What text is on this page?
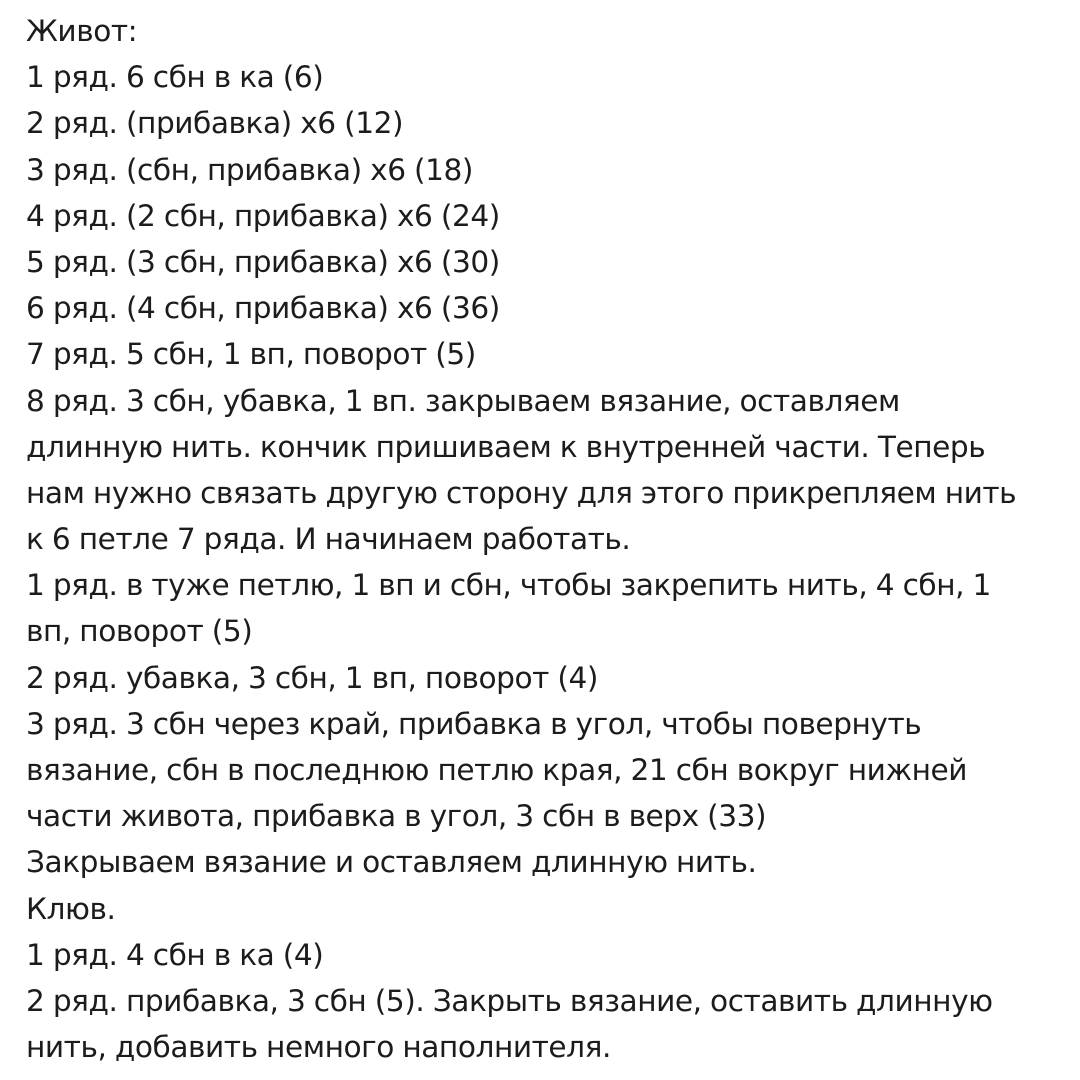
Живот:
1 ряд. 6 сбн в ка (6)
2 ряд. (прибавка) х6 (12)
3 ряд. (сбн, прибавка) х6 (18)
4 ряд. (2 сбн, прибавка) х6 (24)
5 ряд. (3 сбн, прибавка) х6 (30)
6 ряд. (4 сбн, прибавка) х6 (36)
7 ряд. 5 сбн, 1 вп, поворот (5)
8 ряд. 3 сбн, убавка, 1 вп. закрываем вязание, оставляем
длинную нить. кончик пришиваем к внутренней части. Теперь
нам нужно связать другую сторону для этого прикрепляем нить
к 6 петле 7 ряда. И начинаем работать.
1 ряд. в туже петлю, 1 вп и сбн, чтобы закрепить нить, 4 сбн, 1
вп, поворот (5)
2 ряд. убавка, 3 сбн, 1 вп, поворот (4)
3 ряд. 3 сбн через край, прибавка в угол, чтобы повернуть
вязание, сбн в последнюю петлю края, 21 сбн вокруг нижней
части живота, прибавка в угол, 3 сбн в верх (33)
Закрываем вязание и оставляем длинную нить.
Клюв.
1 ряд. 4 сбн в ка (4)
2 ряд. прибавка, 3 сбн (5). Закрыть вязание, оставить длинную
нить, добавить немного наполнителя.
